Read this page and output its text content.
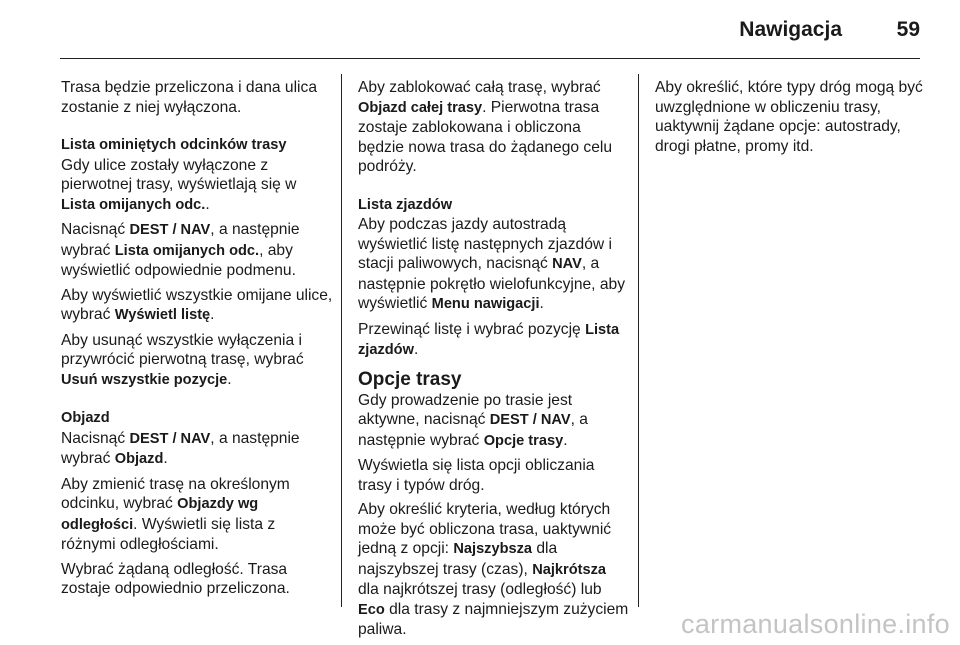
Nawigacja	59

Trasa będzie przeliczona i dana ulica zostanie z niej wyłączona.

Lista ominiętych odcinków trasy

Gdy ulice zostały wyłączone z pierwotnej trasy, wyświetlają się w Lista omijanych odc..

Nacisnąć DEST / NAV, a następnie wybrać Lista omijanych odc., aby wyświetlić odpowiednie podmenu.

Aby wyświetlić wszystkie omijane ulice, wybrać Wyświetl listę.

Aby usunąć wszystkie wyłączenia i przywrócić pierwotną trasę, wybrać Usuń wszystkie pozycje.

Objazd

Nacisnąć DEST / NAV, a następnie wybrać Objazd.

Aby zmienić trasę na określonym odcinku, wybrać Objazdy wg odległości. Wyświetli się lista z różnymi odległościami.

Wybrać żądaną odległość. Trasa zostaje odpowiednio przeliczona.

Aby zablokować całą trasę, wybrać Objazd całej trasy. Pierwotna trasa zostaje zablokowana i obliczona będzie nowa trasa do żądanego celu podróży.

Lista zjazdów

Aby podczas jazdy autostradą wyświetlić listę następnych zjazdów i stacji paliwowych, nacisnąć NAV, a następnie pokrętło wielofunkcyjne, aby wyświetlić Menu nawigacji.

Przewinąć listę i wybrać pozycję Lista zjazdów.

Opcje trasy

Gdy prowadzenie po trasie jest aktywne, nacisnąć DEST / NAV, a następnie wybrać Opcje trasy.

Wyświetla się lista opcji obliczania trasy i typów dróg.

Aby określić kryteria, według których może być obliczona trasa, uaktywnić jedną z opcji: Najszybsza dla najszybszej trasy (czas), Najkrótsza dla najkrótszej trasy (odległość) lub Eco dla trasy z najmniejszym zużyciem paliwa.

Aby określić, które typy dróg mogą być uwzględnione w obliczeniu trasy, uaktywnij żądane opcje: autostrady, drogi płatne, promy itd.

carmanualsonline.info
